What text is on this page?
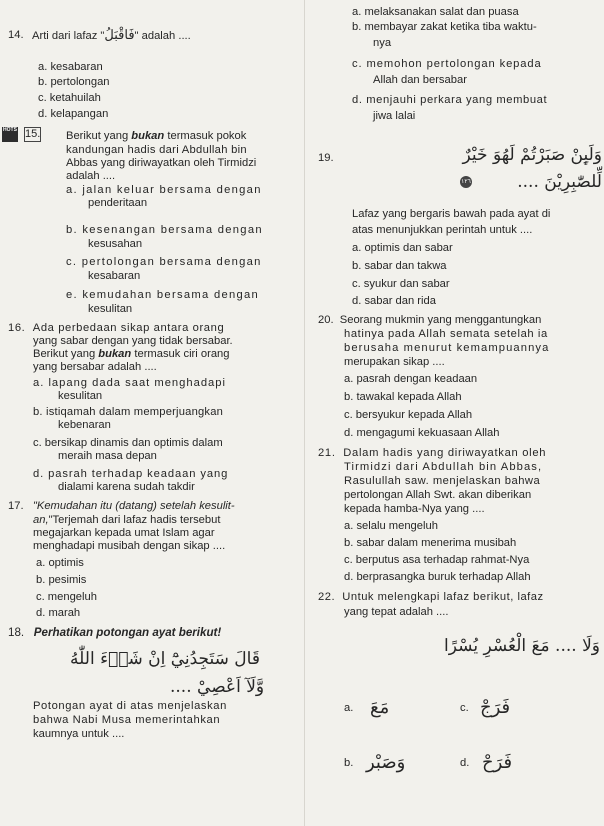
14. Arti dari lafaz "فَاقْبَلُ" adalah ....
a. kesabaran
b. pertolongan
c. ketahuilah
d. kelapangan
HOTS 15. Berikut yang bukan termasuk pokok
kandungan hadis dari Abdullah bin
Abbas yang diriwayatkan oleh Tirmidzi
adalah ....
a. jalan keluar bersama dengan
penderitaan
b. kesenangan bersama dengan
kesusahan
c. pertolongan bersama dengan
kesabaran
e. kemudahan bersama dengan
kesulitan
16. Ada perbedaan sikap antara orang
yang sabar dengan yang tidak bersabar.
Berikut yang bukan termasuk ciri orang
yang bersabar adalah ....
a. lapang dada saat menghadapi
kesulitan
b. istiqamah dalam memperjuangkan
kebenaran
c. bersikap dinamis dan optimis dalam
meraih masa depan
d. pasrah terhadap keadaan yang
dialami karena sudah takdir
17. "Kemudahan itu (datang) setelah kesulit-
an,"Terjemah dari lafaz hadis tersebut
megajarkan kepada umat Islam agar
menghadapi musibah dengan sikap ....
a. optimis
b. pesimis
c. mengeluh
d. marah
18. Perhatikan potongan ayat berikut!
قَالَ سَتَجِدُنِيْٓ اِنْ شَاۤءَ اللّٰهُ
وَّلَآ اَعْصِيْ ....
Potongan ayat di atas menjelaskan
bahwa Nabi Musa memerintahkan
kaumnya untuk ....
a. melaksanakan salat dan puasa
b. membayar zakat ketika tiba waktu-
nya
c. memohon pertolongan kepada
Allah dan bersabar
d. menjauhi perkara yang membuat
jiwa lalai
19.	وَلَىِٕنْ صَبَرْتُمْ لَهُوَ خَيْرٌ
١٢٦	لِّلصّٰبِرِيْنَ ....
Lafaz yang bergaris bawah pada ayat di
atas menunjukkan perintah untuk ....
a. optimis dan sabar
b. sabar dan takwa
c. syukur dan sabar
d. sabar dan rida
20. Seorang mukmin yang menggantungkan
hatinya pada Allah semata setelah ia
berusaha menurut kemampuannya
merupakan sikap ....
a. pasrah dengan keadaan
b. tawakal kepada Allah
c. bersyukur kepada Allah
d. mengagumi kekuasaan Allah
21. Dalam hadis yang diriwayatkan oleh
Tirmidzi dari Abdullah bin Abbas,
Rasulullah saw. menjelaskan bahwa
pertolongan Allah Swt. akan diberikan
kepada hamba-Nya yang ....
a. selalu mengeluh
b. sabar dalam menerima musibah
c. berputus asa terhadap rahmat-Nya
d. berprasangka buruk terhadap Allah
22. Untuk melengkapi lafaz berikut, lafaz
yang tepat adalah ....
وَلَا .... مَعَ الْعُسْرِ يُسْرًا
a. مَعَ	c. فَرَجْ
b. وَصَبْر	d. فَرَحْ
